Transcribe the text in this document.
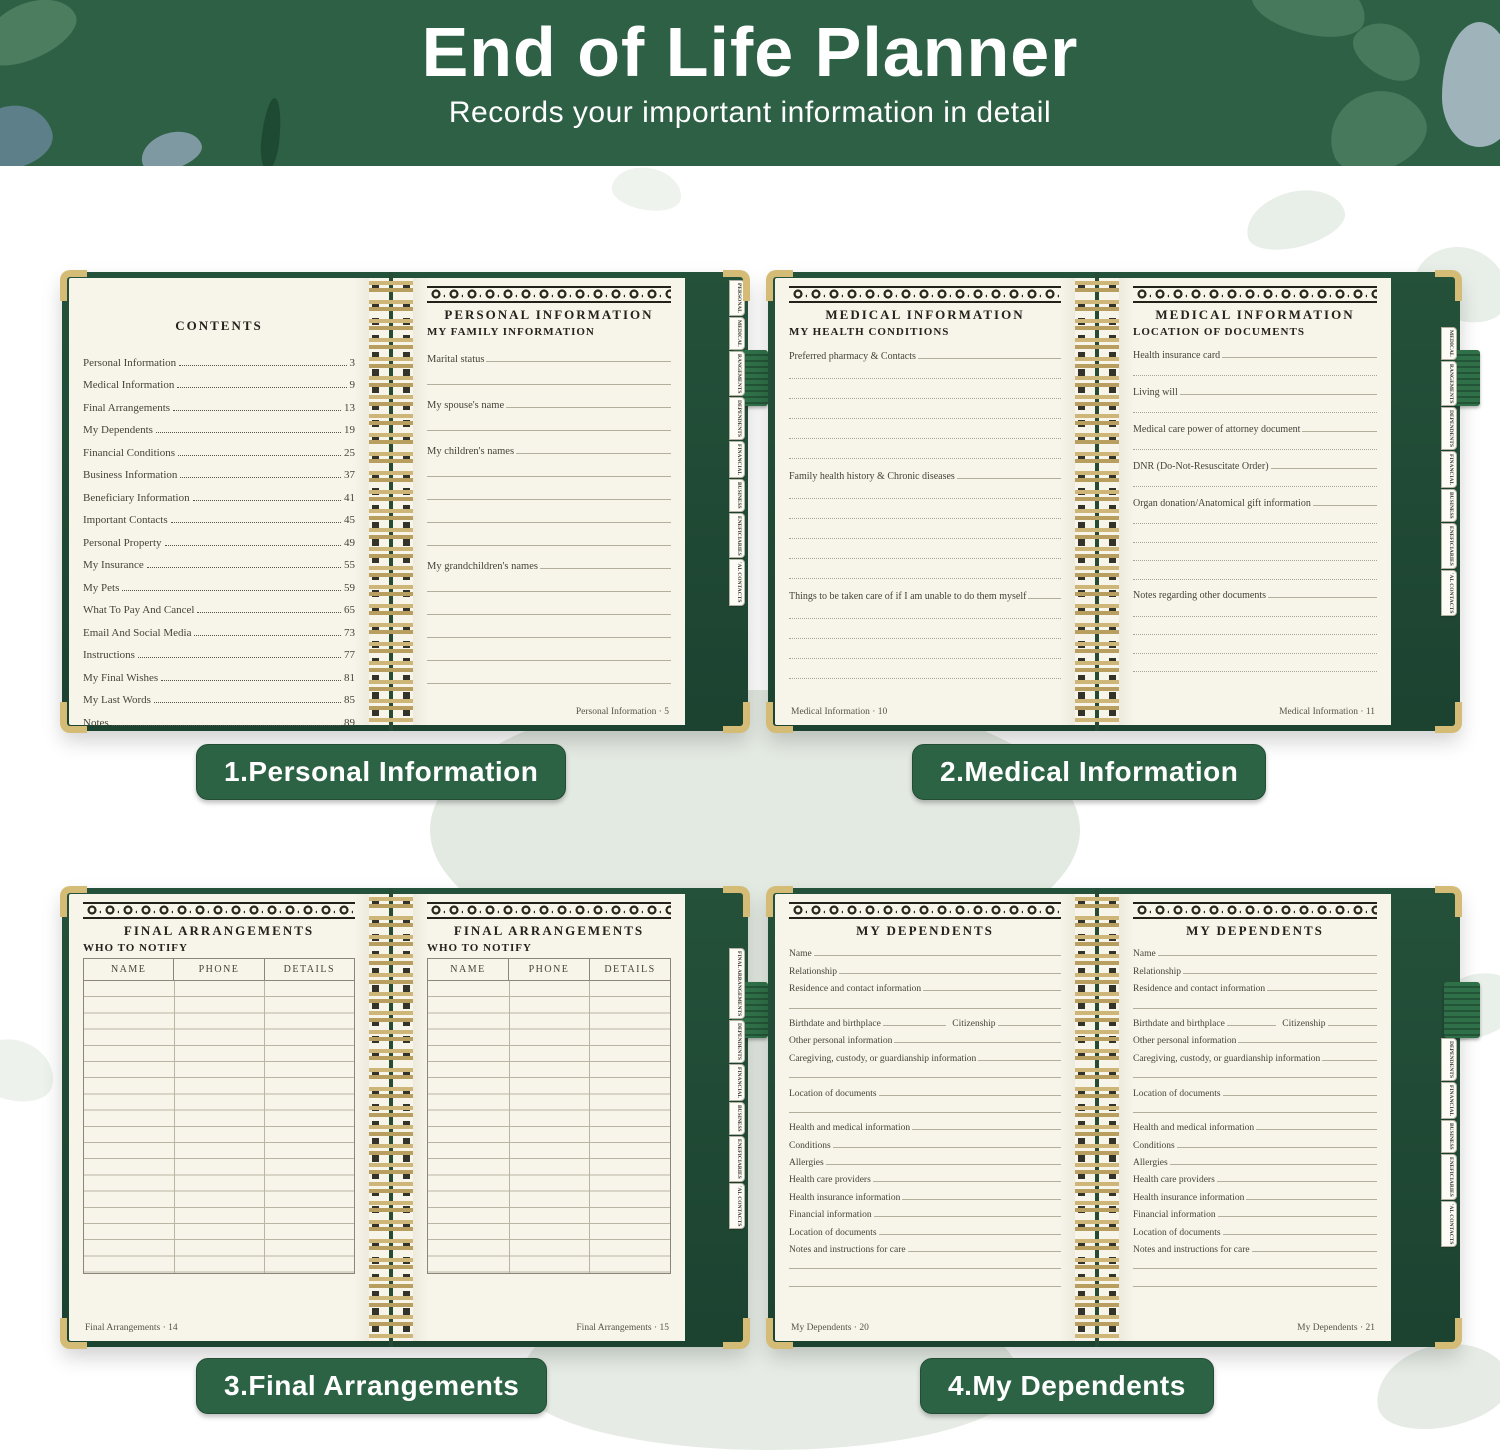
End of Life Planner
Records your important information in detail
CONTENTS
Personal Information	3
Medical Information	9
Final Arrangements	13
My Dependents	19
Financial Conditions	25
Business Information	37
Beneficiary Information	41
Important Contacts	45
Personal Property	49
My Insurance	55
My Pets	59
What To Pay And Cancel	65
Email And Social Media	73
Instructions	77
My Final Wishes	81
My Last Words	85
Notes	89
PERSONAL INFORMATION
MY FAMILY INFORMATION
Marital status
My spouse's name
My children's names
My grandchildren's names
Personal Information · 5
PERSONAL
MEDICAL
RANGEMENTS
DEPENDENTS
FINANCIAL
BUSINESS
ENEFICIARIES
'AL CONTACTS
MEDICAL INFORMATION
MY HEALTH CONDITIONS
Preferred pharmacy & Contacts
Family health history & Chronic diseases
Things to be taken care of if I am unable to do them myself
Medical Information · 10
MEDICAL INFORMATION
LOCATION OF DOCUMENTS
Health insurance card
Living will
Medical care power of attorney document
DNR (Do-Not-Resuscitate Order)
Organ donation/Anatomical gift information
Notes regarding other documents
Medical Information · 11
MEDICAL
RANGEMENTS
DEPENDENTS
FINANCIAL
BUSINESS
ENEFICIARIES
'AL CONTACTS
FINAL ARRANGEMENTS
WHO TO NOTIFY
NAME	PHONE	DETAILS
Final Arrangements · 14
FINAL ARRANGEMENTS
WHO TO NOTIFY
NAME	PHONE	DETAILS
Final Arrangements · 15
FINAL ARRANGEMENTS
DEPENDENTS
FINANCIAL
BUSINESS
ENEFICIARIES
'AL CONTACTS
MY DEPENDENTS
Name
Relationship
Residence and contact information
Birthdate and birthplace	Citizenship
Other personal information
Caregiving, custody, or guardianship information
Location of documents
Health and medical information
Conditions
Allergies
Health care providers
Health insurance information
Financial information
Location of documents
Notes and instructions for care
My Dependents · 20
MY DEPENDENTS
Name
Relationship
Residence and contact information
Birthdate and birthplace	Citizenship
Other personal information
Caregiving, custody, or guardianship information
Location of documents
Health and medical information
Conditions
Allergies
Health care providers
Health insurance information
Financial information
Location of documents
Notes and instructions for care
My Dependents · 21
DEPENDENTS
FINANCIAL
BUSINESS
ENEFICIARIES
'AL CONTACTS
1.Personal Information	2.Medical Information
3.Final Arrangements	4.My Dependents
